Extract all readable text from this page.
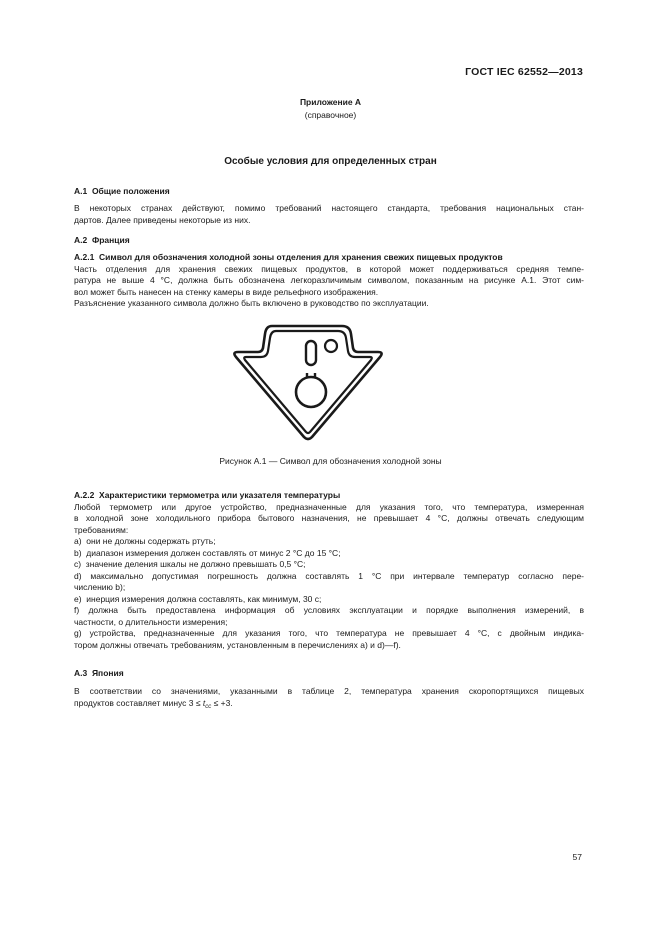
ГОСТ IEC 62552—2013
Приложение А
(справочное)
Особые условия для определенных стран
А.1  Общие положения
В некоторых странах действуют, помимо требований настоящего стандарта, требования национальных стан-
дартов. Далее приведены некоторые из них.
А.2  Франция
А.2.1  Символ для обозначения холодной зоны отделения для хранения свежих пищевых продуктов
Часть отделения для хранения свежих пищевых продуктов, в которой может поддерживаться средняя темпе-
ратура не выше 4 °С, должна быть обозначена легкоразличимым символом, показанным на рисунке А.1. Этот сим-
вол может быть нанесен на стенку камеры в виде рельефного изображения.
Разъяснение указанного символа должно быть включено в руководство по эксплуатации.
Рисунок А.1 — Символ для обозначения холодной зоны
А.2.2  Характеристики термометра или указателя температуры
Любой термометр или другое устройство, предназначенные для указания того, что температура, измеренная
в холодной зоне холодильного прибора бытового назначения, не превышает 4 °С, должны отвечать следующим
требованиям:
a)  они не должны содержать ртуть;
b)  диапазон измерения должен составлять от минус 2 °С до 15 °С;
c)  значение деления шкалы не должно превышать 0,5 °С;
d) максимально допустимая погрешность должна составлять 1 °С при интервале температур согласно пере-
числению b);
e)  инерция измерения должна составлять, как минимум, 30 с;
f) должна быть предоставлена информация об условиях эксплуатации и порядке выполнения измерений, в
частности, о длительности измерения;
g) устройства, предназначенные для указания того, что температура не превышает 4 °С, с двойным индика-
тором должны отвечать требованиям, установленным в перечислениях а) и d)—f).
А.3  Япония
В соответствии со значениями, указанными в таблице 2, температура хранения скоропортящихся пищевых
продуктов составляет минус $3 \le t_{cc} \le +3$.
57
